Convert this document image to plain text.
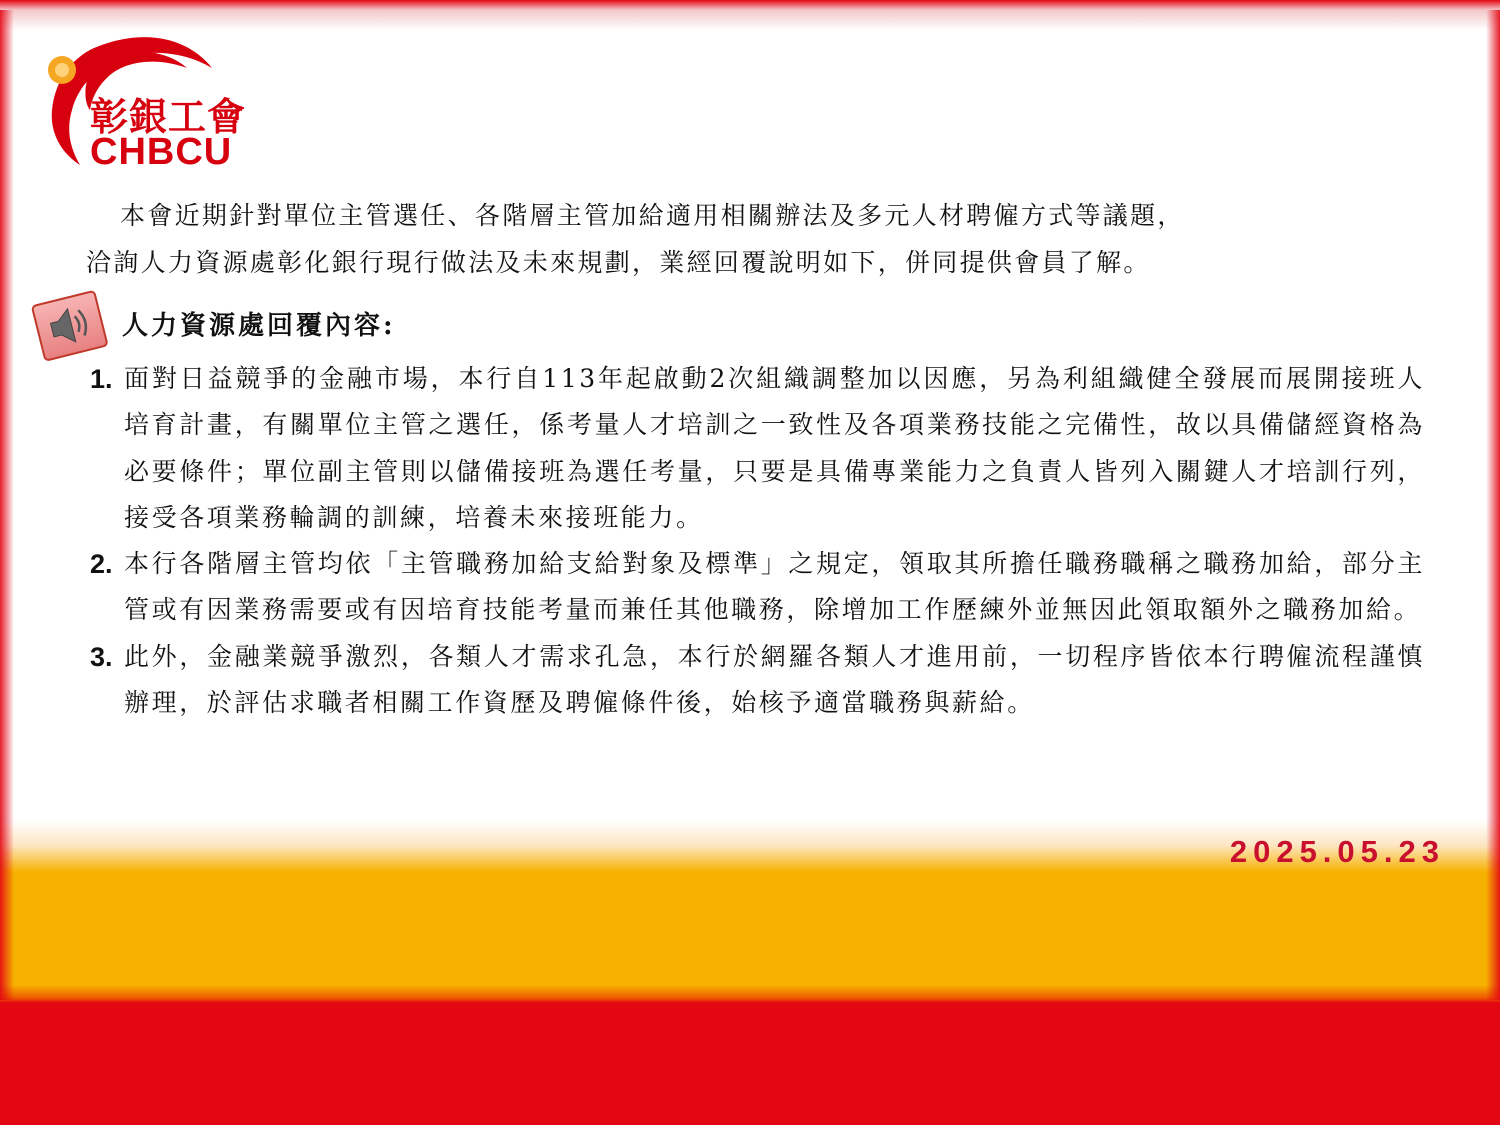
彰銀工會
CHBCU

本會近期針對單位主管選任、各階層主管加給適用相關辦法及多元人材聘僱方式等議題，

洽詢人力資源處彰化銀行現行做法及未來規劃，業經回覆說明如下，併同提供會員了解。

人力資源處回覆內容:
1. 面對日益競爭的金融市場，本行自113年起啟動2次組織調整加以因應，另為利組織健全發展而展開接班人培育計畫，有關單位主管之選任，係考量人才培訓之一致性及各項業務技能之完備性，故以具備儲經資格為必要條件；單位副主管則以儲備接班為選任考量，只要是具備專業能力之負責人皆列入關鍵人才培訓行列，接受各項業務輪調的訓練，培養未來接班能力。
2. 本行各階層主管均依「主管職務加給支給對象及標準」之規定，領取其所擔任職務職稱之職務加給，部分主管或有因業務需要或有因培育技能考量而兼任其他職務，除增加工作歷練外並無因此領取額外之職務加給。
3. 此外，金融業競爭激烈，各類人才需求孔急，本行於網羅各類人才進用前，一切程序皆依本行聘僱流程謹慎辦理，於評估求職者相關工作資歷及聘僱條件後，始核予適當職務與薪給。
2025.05.23
